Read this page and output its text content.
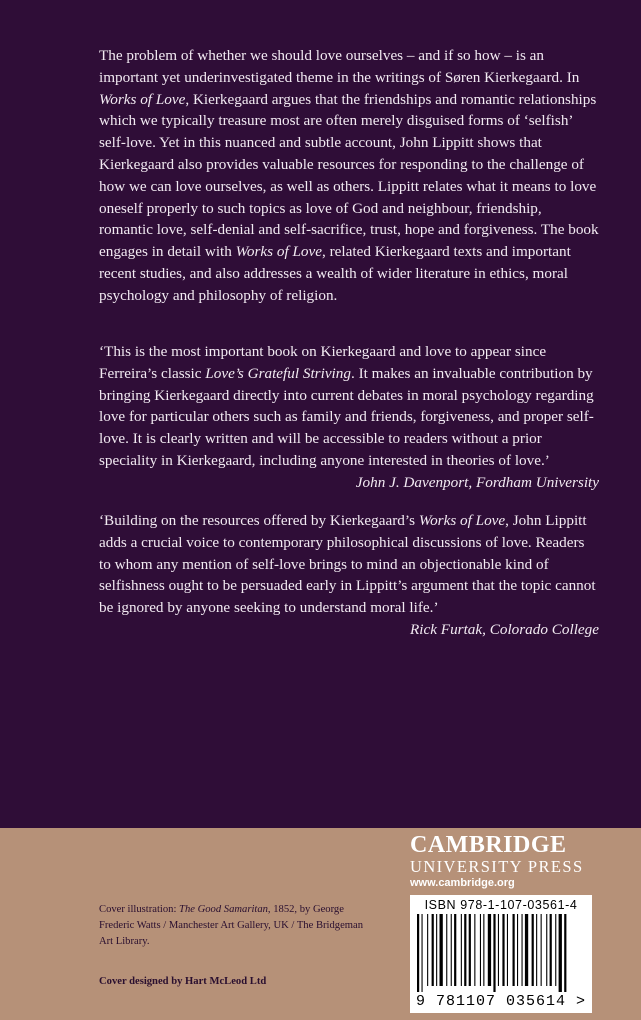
The problem of whether we should love ourselves – and if so how – is an important yet underinvestigated theme in the writings of Søren Kierkegaard. In Works of Love, Kierkegaard argues that the friendships and romantic relationships which we typically treasure most are often merely disguised forms of ‘selfish’ self-love. Yet in this nuanced and subtle account, John Lippitt shows that Kierkegaard also provides valuable resources for responding to the challenge of how we can love ourselves, as well as others. Lippitt relates what it means to love oneself properly to such topics as love of God and neighbour, friendship, romantic love, self-denial and self-sacrifice, trust, hope and forgiveness. The book engages in detail with Works of Love, related Kierkegaard texts and important recent studies, and also addresses a wealth of wider literature in ethics, moral psychology and philosophy of religion.

‘This is the most important book on Kierkegaard and love to appear since Ferreira’s classic Love’s Grateful Striving. It makes an invaluable contribution by bringing Kierkegaard directly into current debates in moral psychology regarding love for particular others such as family and friends, forgiveness, and proper self-love. It is clearly written and will be accessible to readers without a prior speciality in Kierkegaard, including anyone interested in theories of love.’
John J. Davenport, Fordham University

‘Building on the resources offered by Kierkegaard’s Works of Love, John Lippitt adds a crucial voice to contemporary philosophical discussions of love. Readers to whom any mention of self-love brings to mind an objectionable kind of selfishness ought to be persuaded early in Lippitt’s argument that the topic cannot be ignored by anyone seeking to understand moral life.’
Rick Furtak, Colorado College

Cover illustration: The Good Samaritan, 1852, by George Frederic Watts / Manchester Art Gallery, UK / The Bridgeman Art Library.
Cover designed by Hart McLeod Ltd
CAMBRIDGE
UNIVERSITY PRESS
www.cambridge.org
ISBN 978-1-107-03561-4
9 781107 035614 >
